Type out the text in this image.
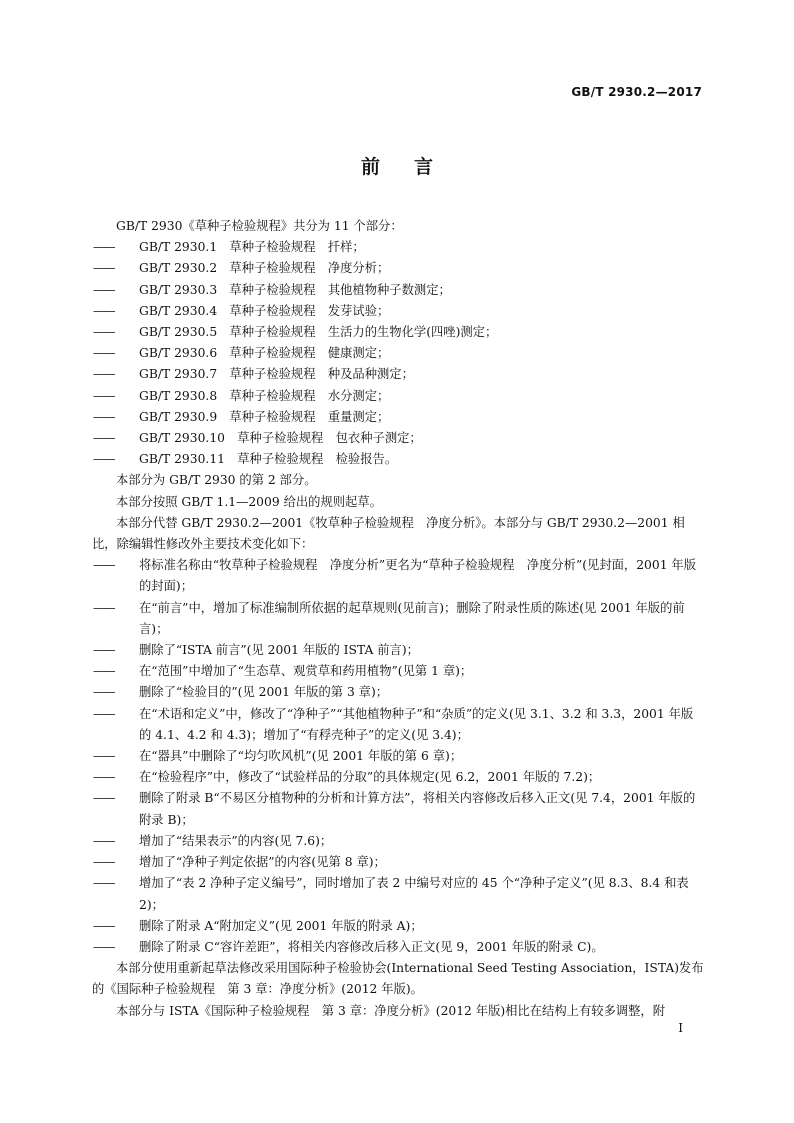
GB/T 2930.2—2017
前言

GB/T 2930《草种子检验规程》共分为 11 个部分：

—— GB/T 2930.1　草种子检验规程　扦样；

—— GB/T 2930.2　草种子检验规程　净度分析；

—— GB/T 2930.3　草种子检验规程　其他植物种子数测定；

—— GB/T 2930.4　草种子检验规程　发芽试验；

—— GB/T 2930.5　草种子检验规程　生活力的生物化学(四唑)测定；

—— GB/T 2930.6　草种子检验规程　健康测定；

—— GB/T 2930.7　草种子检验规程　种及品种测定；

—— GB/T 2930.8　草种子检验规程　水分测定；

—— GB/T 2930.9　草种子检验规程　重量测定；

—— GB/T 2930.10　草种子检验规程　包衣种子测定；

—— GB/T 2930.11　草种子检验规程　检验报告。

本部分为 GB/T 2930 的第 2 部分。

本部分按照 GB/T 1.1—2009 给出的规则起草。

本部分代替 GB/T 2930.2—2001《牧草种子检验规程　净度分析》。本部分与 GB/T 2930.2—2001 相比，除编辑性修改外主要技术变化如下：

—— 将标准名称由“牧草种子检验规程　净度分析”更名为“草种子检验规程　净度分析”(见封面，2001 年版的封面)；

—— 在“前言”中，增加了标准编制所依据的起草规则(见前言)；删除了附录性质的陈述(见 2001 年版的前言)；

—— 删除了“ISTA 前言”(见 2001 年版的 ISTA 前言)；

—— 在“范围”中增加了“生态草、观赏草和药用植物”(见第 1 章)；

—— 删除了“检验目的”(见 2001 年版的第 3 章)；

—— 在“术语和定义”中，修改了“净种子”“其他植物种子”和“杂质”的定义(见 3.1、3.2 和 3.3，2001 年版的 4.1、4.2 和 4.3)；增加了“有稃壳种子”的定义(见 3.4)；

—— 在“器具”中删除了“均匀吹风机”(见 2001 年版的第 6 章)；

—— 在“检验程序”中，修改了“试验样品的分取”的具体规定(见 6.2，2001 年版的 7.2)；

—— 删除了附录 B“不易区分植物种的分析和计算方法”，将相关内容修改后移入正文(见 7.4，2001 年版的附录 B)；

—— 增加了“结果表示”的内容(见 7.6)；

—— 增加了“净种子判定依据”的内容(见第 8 章)；

—— 增加了“表 2 净种子定义编号”，同时增加了表 2 中编号对应的 45 个“净种子定义”(见 8.3、8.4 和表 2)；

—— 删除了附录 A“附加定义”(见 2001 年版的附录 A)；

—— 删除了附录 C“容许差距”，将相关内容修改后移入正文(见 9，2001 年版的附录 C)。

本部分使用重新起草法修改采用国际种子检验协会(International Seed Testing Association，ISTA)发布的《国际种子检验规程　第 3 章：净度分析》(2012 年版)。

本部分与 ISTA《国际种子检验规程　第 3 章：净度分析》(2012 年版)相比在结构上有较多调整，附

I
